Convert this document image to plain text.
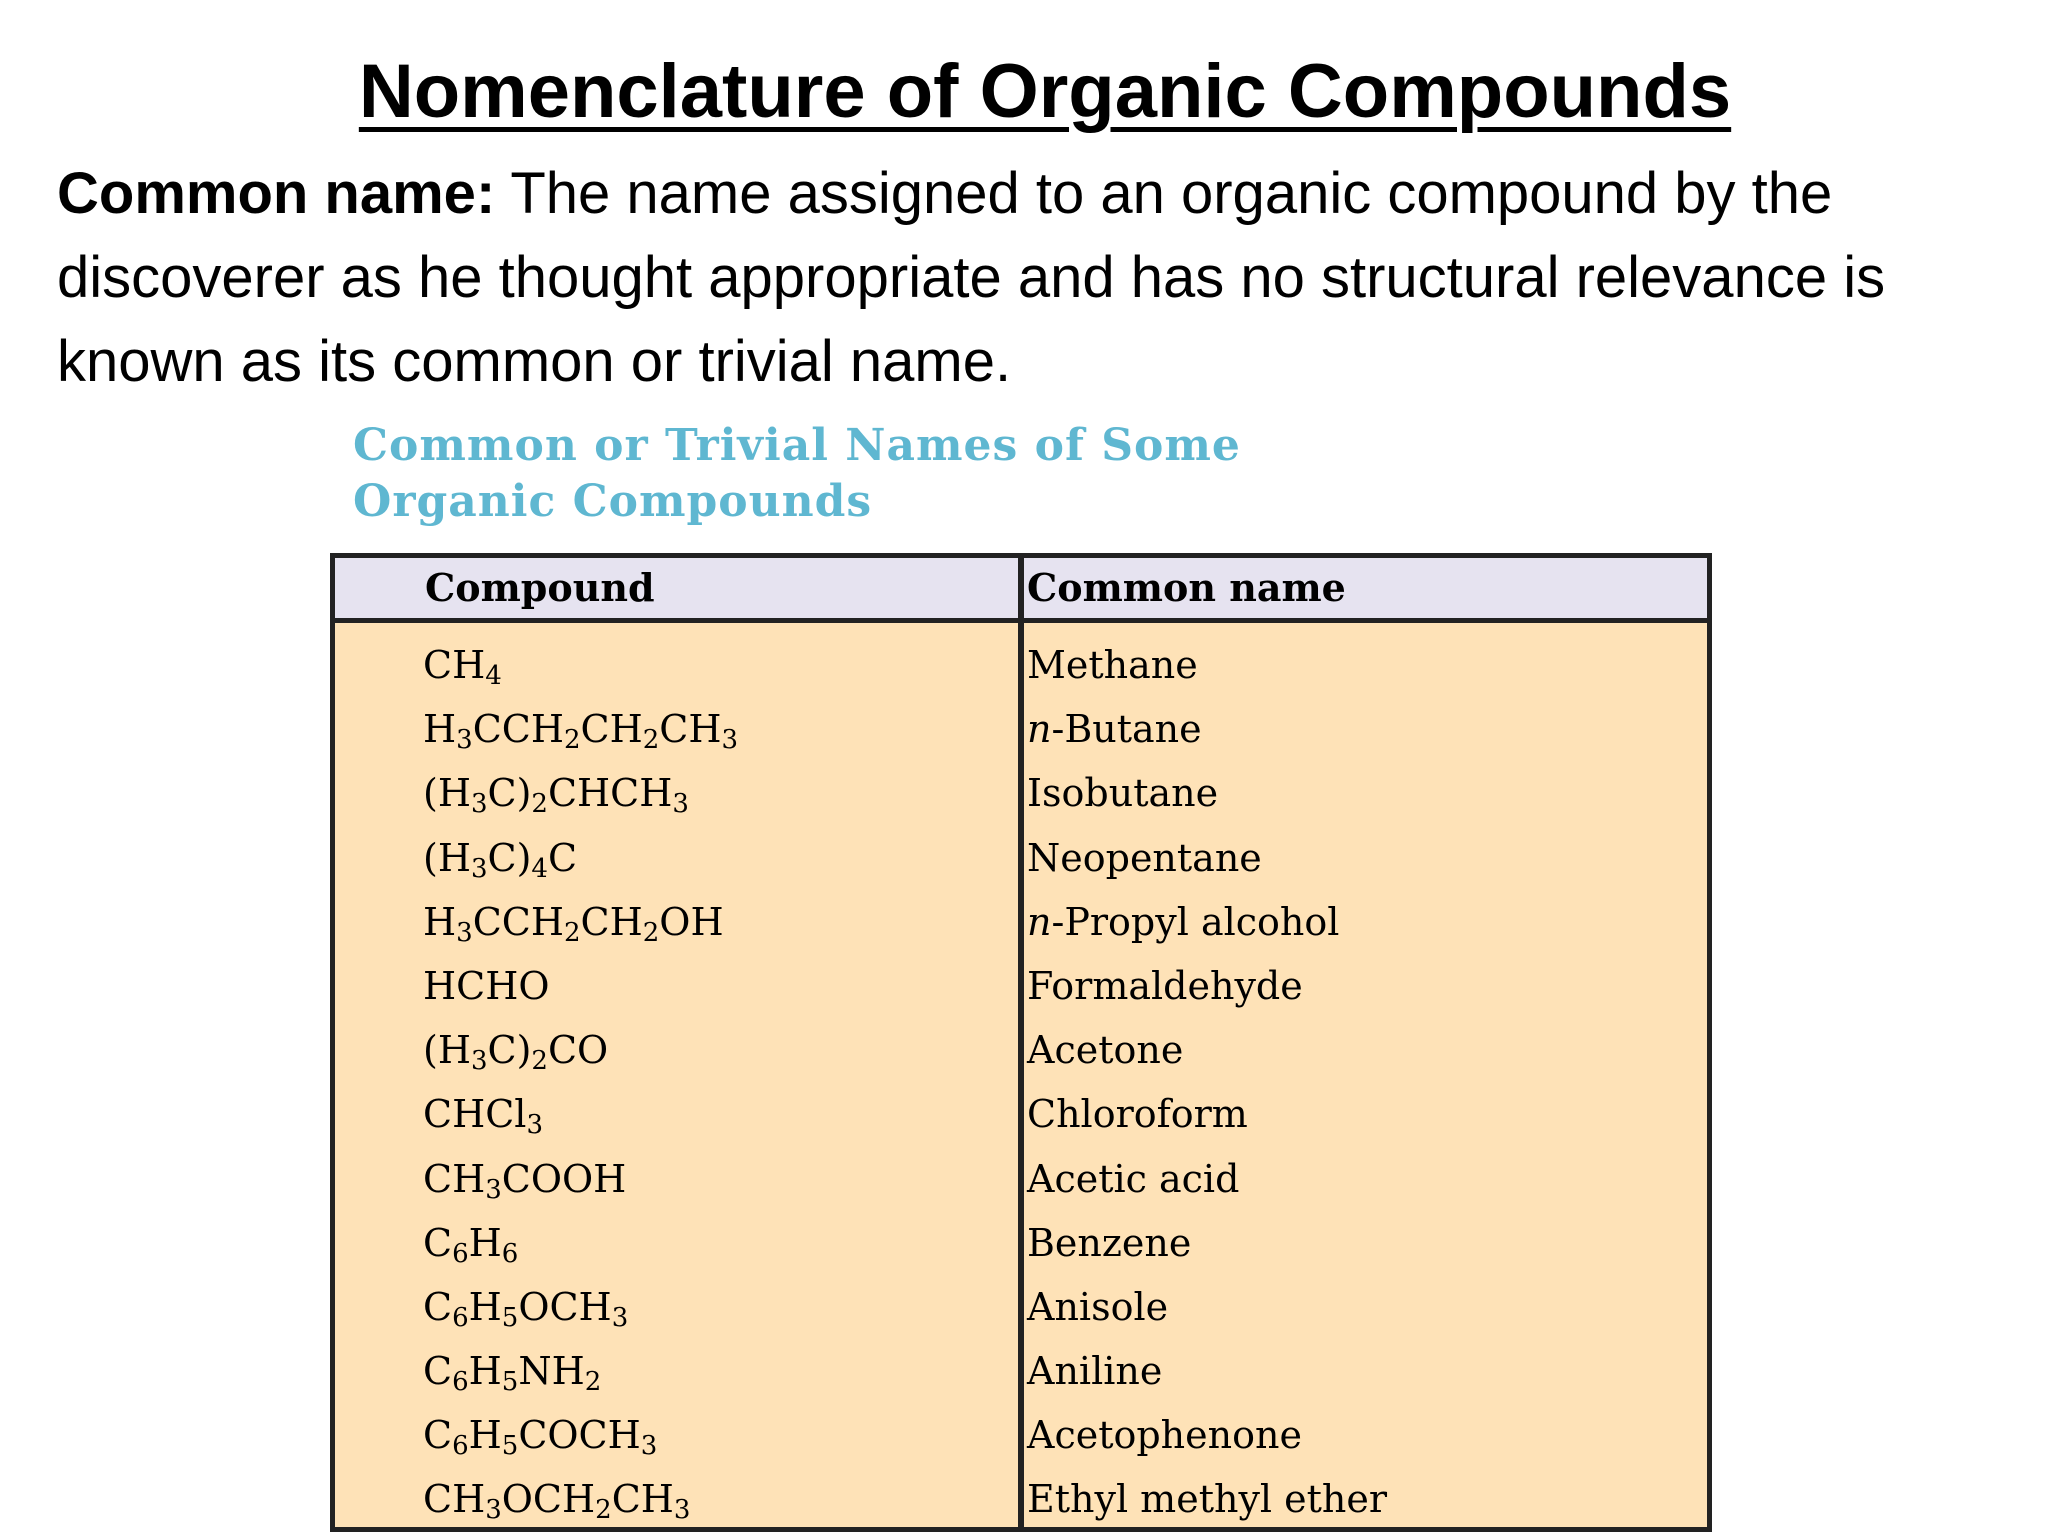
Nomenclature of Organic Compounds

Common name: The name assigned to an organic compound by the discoverer as he thought appropriate and has no structural relevance is known as its common or trivial name.

Common or Trivial Names of Some
Organic Compounds
Compound	Common name
$CH_4$	Methane
$H_3CCH_2CH_2CH_3$	n-Butane
$(H_3C)_2CHCH_3$	Isobutane
$(H_3C)_4C$	Neopentane
$H_3CCH_2CH_2OH$	n-Propyl alcohol
HCHO	Formaldehyde
$(H_3C)_2CO$	Acetone
CHCl$_3$	Chloroform
$CH_3COOH$	Acetic acid
$C_6H_6$	Benzene
$C_6H_5OCH_3$	Anisole
$C_6H_5NH_2$	Aniline
$C_6H_5COCH_3$	Acetophenone
$CH_3OCH_2CH_3$	Ethyl methyl ether
